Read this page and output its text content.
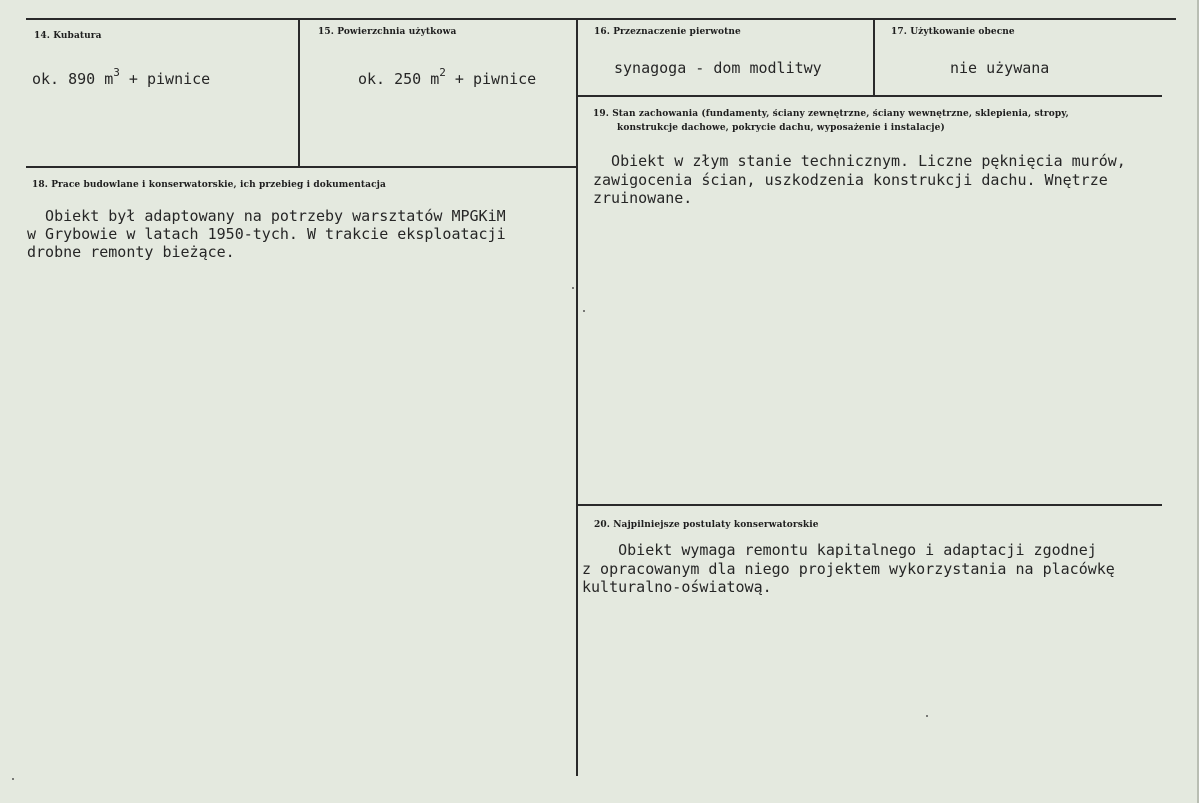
14. Kubatura
ok. 890 $m^3$ + piwnice
15. Powierzchnia użytkowa
ok. 250 $m^2$ + piwnice
16. Przeznaczenie pierwotne
synagoga - dom modlitwy
17. Użytkowanie obecne
nie używana
18. Prace budowlane i konserwatorskie, ich przebieg i dokumentacja
Obiekt był adaptowany na potrzeby warsztatów MPGKiM
w Grybowie w latach 1950-tych. W trakcie eksploatacji
drobne remonty bieżące.
19. Stan zachowania (fundamenty, ściany zewnętrzne, ściany wewnętrzne, sklepienia, stropy,
konstrukcje dachowe, pokrycie dachu, wyposażenie i instalacje)
Obiekt w złym stanie technicznym. Liczne pęknięcia murów,
zawigocenia ścian, uszkodzenia konstrukcji dachu. Wnętrze
zruinowane.
20. Najpilniejsze postulaty konserwatorskie
Obiekt wymaga remontu kapitalnego i adaptacji zgodnej
z opracowanym dla niego projektem wykorzystania na placówkę
kulturalno-oświatową.
